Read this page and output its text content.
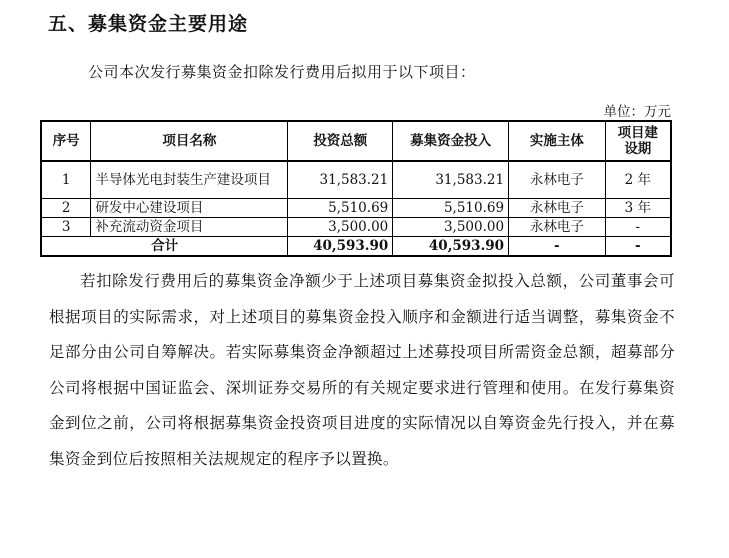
五、募集资金主要用途
公司本次发行募集资金扣除发行费用后拟用于以下项目：
单位：万元
序号	项目名称	投资总额	募集资金投入	实施主体	项目建设期
1	半导体光电封装生产建设项目	31,583.21	31,583.21	永林电子	2 年
2	研发中心建设项目	5,510.69	5,510.69	永林电子	3 年
3	补充流动资金项目	3,500.00	3,500.00	永林电子	-
合计		40,593.90	40,593.90	-	-
若扣除发行费用后的募集资金净额少于上述项目募集资金拟投入总额，公司董事会可根据项目的实际需求，对上述项目的募集资金投入顺序和金额进行适当调整，募集资金不足部分由公司自筹解决。若实际募集资金净额超过上述募投项目所需资金总额，超募部分公司将根据中国证监会、深圳证券交易所的有关规定要求进行管理和使用。在发行募集资金到位之前，公司将根据募集资金投资项目进度的实际情况以自筹资金先行投入，并在募集资金到位后按照相关法规规定的程序予以置换。
